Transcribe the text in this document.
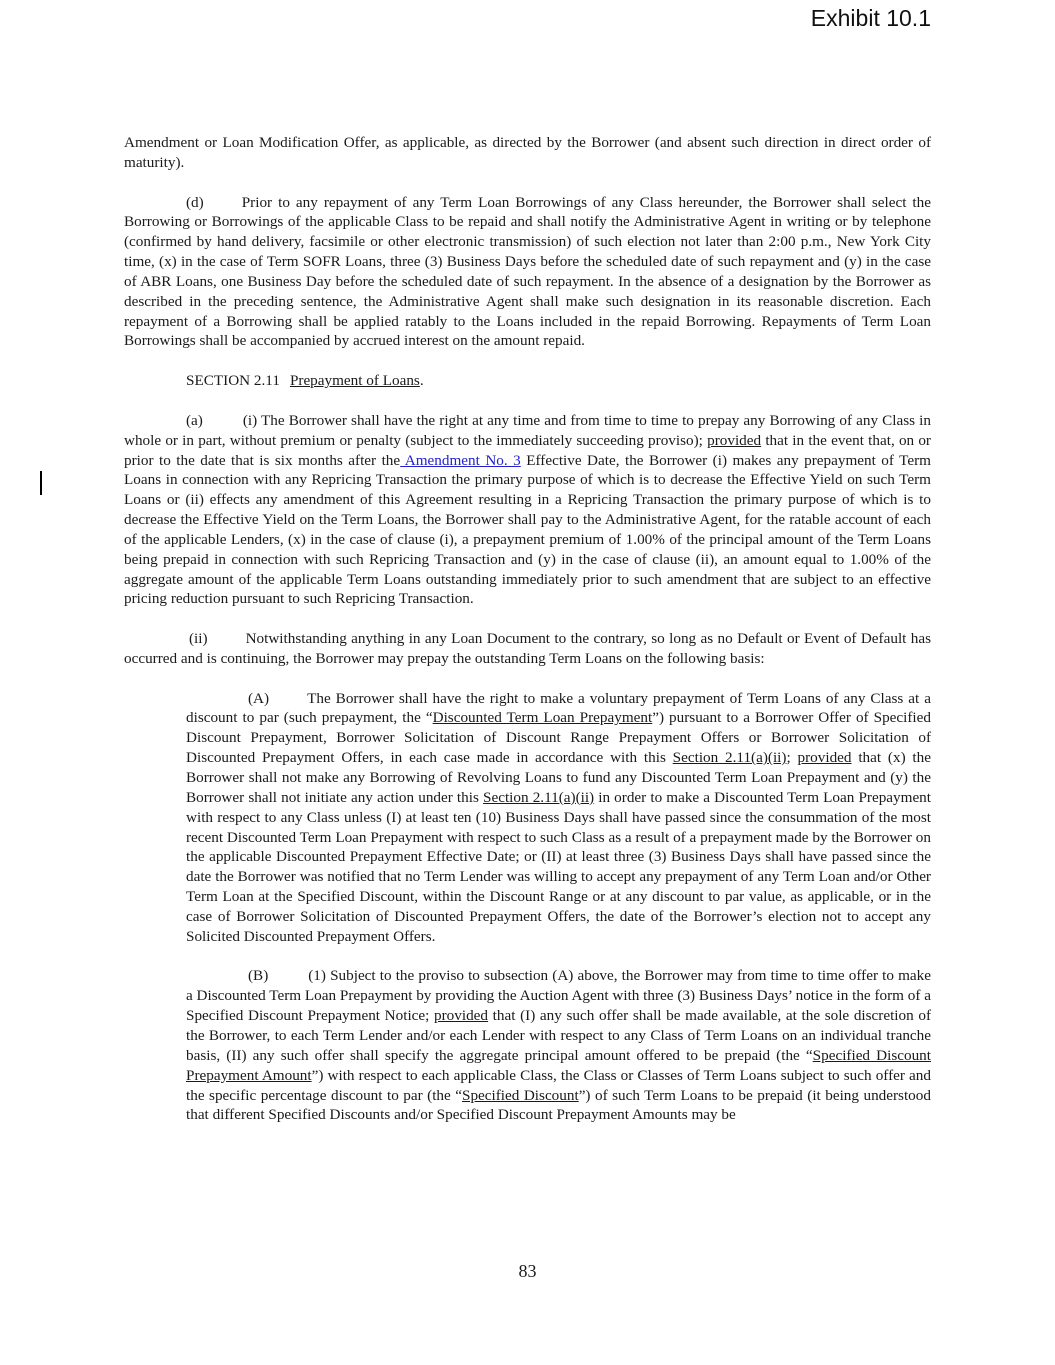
Exhibit 10.1

Amendment or Loan Modification Offer, as applicable, as directed by the Borrower (and absent such direction in direct order of maturity).

(d)	Prior to any repayment of any Term Loan Borrowings of any Class hereunder, the Borrower shall select the Borrowing or Borrowings of the applicable Class to be repaid and shall notify the Administrative Agent in writing or by telephone (confirmed by hand delivery, facsimile or other electronic transmission) of such election not later than 2:00 p.m., New York City time, (x) in the case of Term SOFR Loans, three (3) Business Days before the scheduled date of such repayment and (y) in the case of ABR Loans, one Business Day before the scheduled date of such repayment. In the absence of a designation by the Borrower as described in the preceding sentence, the Administrative Agent shall make such designation in its reasonable discretion. Each repayment of a Borrowing shall be applied ratably to the Loans included in the repaid Borrowing. Repayments of Term Loan Borrowings shall be accompanied by accrued interest on the amount repaid.

SECTION 2.11 Prepayment of Loans.

(a)	(i) The Borrower shall have the right at any time and from time to time to prepay any Borrowing of any Class in whole or in part, without premium or penalty (subject to the immediately succeeding proviso); provided that in the event that, on or prior to the date that is six months after the Amendment No. 3 Effective Date, the Borrower (i) makes any prepayment of Term Loans in connection with any Repricing Transaction the primary purpose of which is to decrease the Effective Yield on such Term Loans or (ii) effects any amendment of this Agreement resulting in a Repricing Transaction the primary purpose of which is to decrease the Effective Yield on the Term Loans, the Borrower shall pay to the Administrative Agent, for the ratable account of each of the applicable Lenders, (x) in the case of clause (i), a prepayment premium of 1.00% of the principal amount of the Term Loans being prepaid in connection with such Repricing Transaction and (y) in the case of clause (ii), an amount equal to 1.00% of the aggregate amount of the applicable Term Loans outstanding immediately prior to such amendment that are subject to an effective pricing reduction pursuant to such Repricing Transaction.

(ii)	Notwithstanding anything in any Loan Document to the contrary, so long as no Default or Event of Default has occurred and is continuing, the Borrower may prepay the outstanding Term Loans on the following basis:

(A)	The Borrower shall have the right to make a voluntary prepayment of Term Loans of any Class at a discount to par (such prepayment, the “Discounted Term Loan Prepayment”) pursuant to a Borrower Offer of Specified Discount Prepayment, Borrower Solicitation of Discount Range Prepayment Offers or Borrower Solicitation of Discounted Prepayment Offers, in each case made in accordance with this Section 2.11(a)(ii); provided that (x) the Borrower shall not make any Borrowing of Revolving Loans to fund any Discounted Term Loan Prepayment and (y) the Borrower shall not initiate any action under this Section 2.11(a)(ii) in order to make a Discounted Term Loan Prepayment with respect to any Class unless (I) at least ten (10) Business Days shall have passed since the consummation of the most recent Discounted Term Loan Prepayment with respect to such Class as a result of a prepayment made by the Borrower on the applicable Discounted Prepayment Effective Date; or (II) at least three (3) Business Days shall have passed since the date the Borrower was notified that no Term Lender was willing to accept any prepayment of any Term Loan and/or Other Term Loan at the Specified Discount, within the Discount Range or at any discount to par value, as applicable, or in the case of Borrower Solicitation of Discounted Prepayment Offers, the date of the Borrower’s election not to accept any Solicited Discounted Prepayment Offers.

(B)	(1) Subject to the proviso to subsection (A) above, the Borrower may from time to time offer to make a Discounted Term Loan Prepayment by providing the Auction Agent with three (3) Business Days’ notice in the form of a Specified Discount Prepayment Notice; provided that (I) any such offer shall be made available, at the sole discretion of the Borrower, to each Term Lender and/or each Lender with respect to any Class of Term Loans on an individual tranche basis, (II) any such offer shall specify the aggregate principal amount offered to be prepaid (the “Specified Discount Prepayment Amount”) with respect to each applicable Class, the Class or Classes of Term Loans subject to such offer and the specific percentage discount to par (the “Specified Discount”) of such Term Loans to be prepaid (it being understood that different Specified Discounts and/or Specified Discount Prepayment Amounts may be

83
